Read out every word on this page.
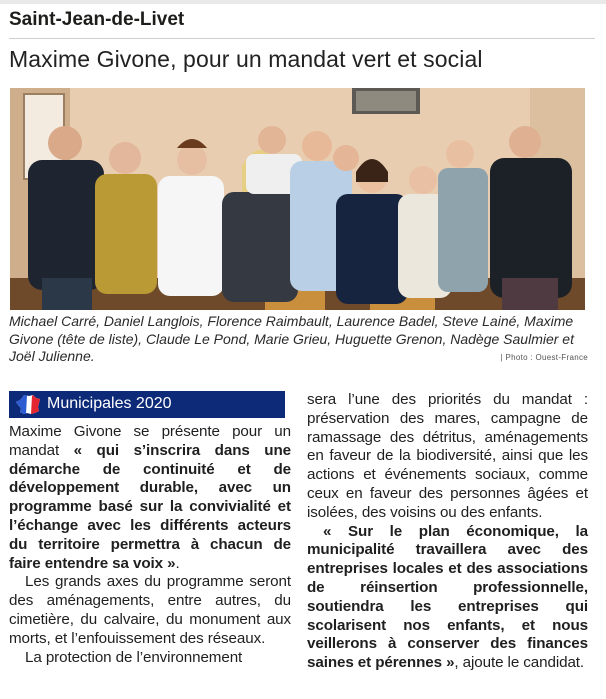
Saint-Jean-de-Livet
Maxime Givone, pour un mandat vert et social
Michael Carré, Daniel Langlois, Florence Raimbault, Laurence Badel, Steve Lainé, Maxime Givone (tête de liste), Claude Le Pond, Marie Grieu, Huguette Grenon, Nadège Saulmier et Joël Julienne.	| Photo : Ouest-France
Municipales 2020

Maxime Givone se présente pour un mandat « qui s’inscrira dans une démarche de continuité et de développement durable, avec un programme basé sur la convivialité et l’échange avec les différents acteurs du territoire permettra à chacun de faire entendre sa voix ».

Les grands axes du programme seront des aménagements, entre autres, du cimetière, du calvaire, du monument aux morts, et l’enfouissement des réseaux.

La protection de l’environnement

sera l’une des priorités du mandat : préservation des mares, campagne de ramassage des détritus, aménagements en faveur de la biodiversité, ainsi que les actions et événements sociaux, comme ceux en faveur des personnes âgées et isolées, des voisins ou des enfants.

« Sur le plan économique, la municipalité travaillera avec des entreprises locales et des associations de réinsertion professionnelle, soutiendra les entreprises qui scolarisent nos enfants, et nous veillerons à conserver des finances saines et pérennes », ajoute le candidat.
